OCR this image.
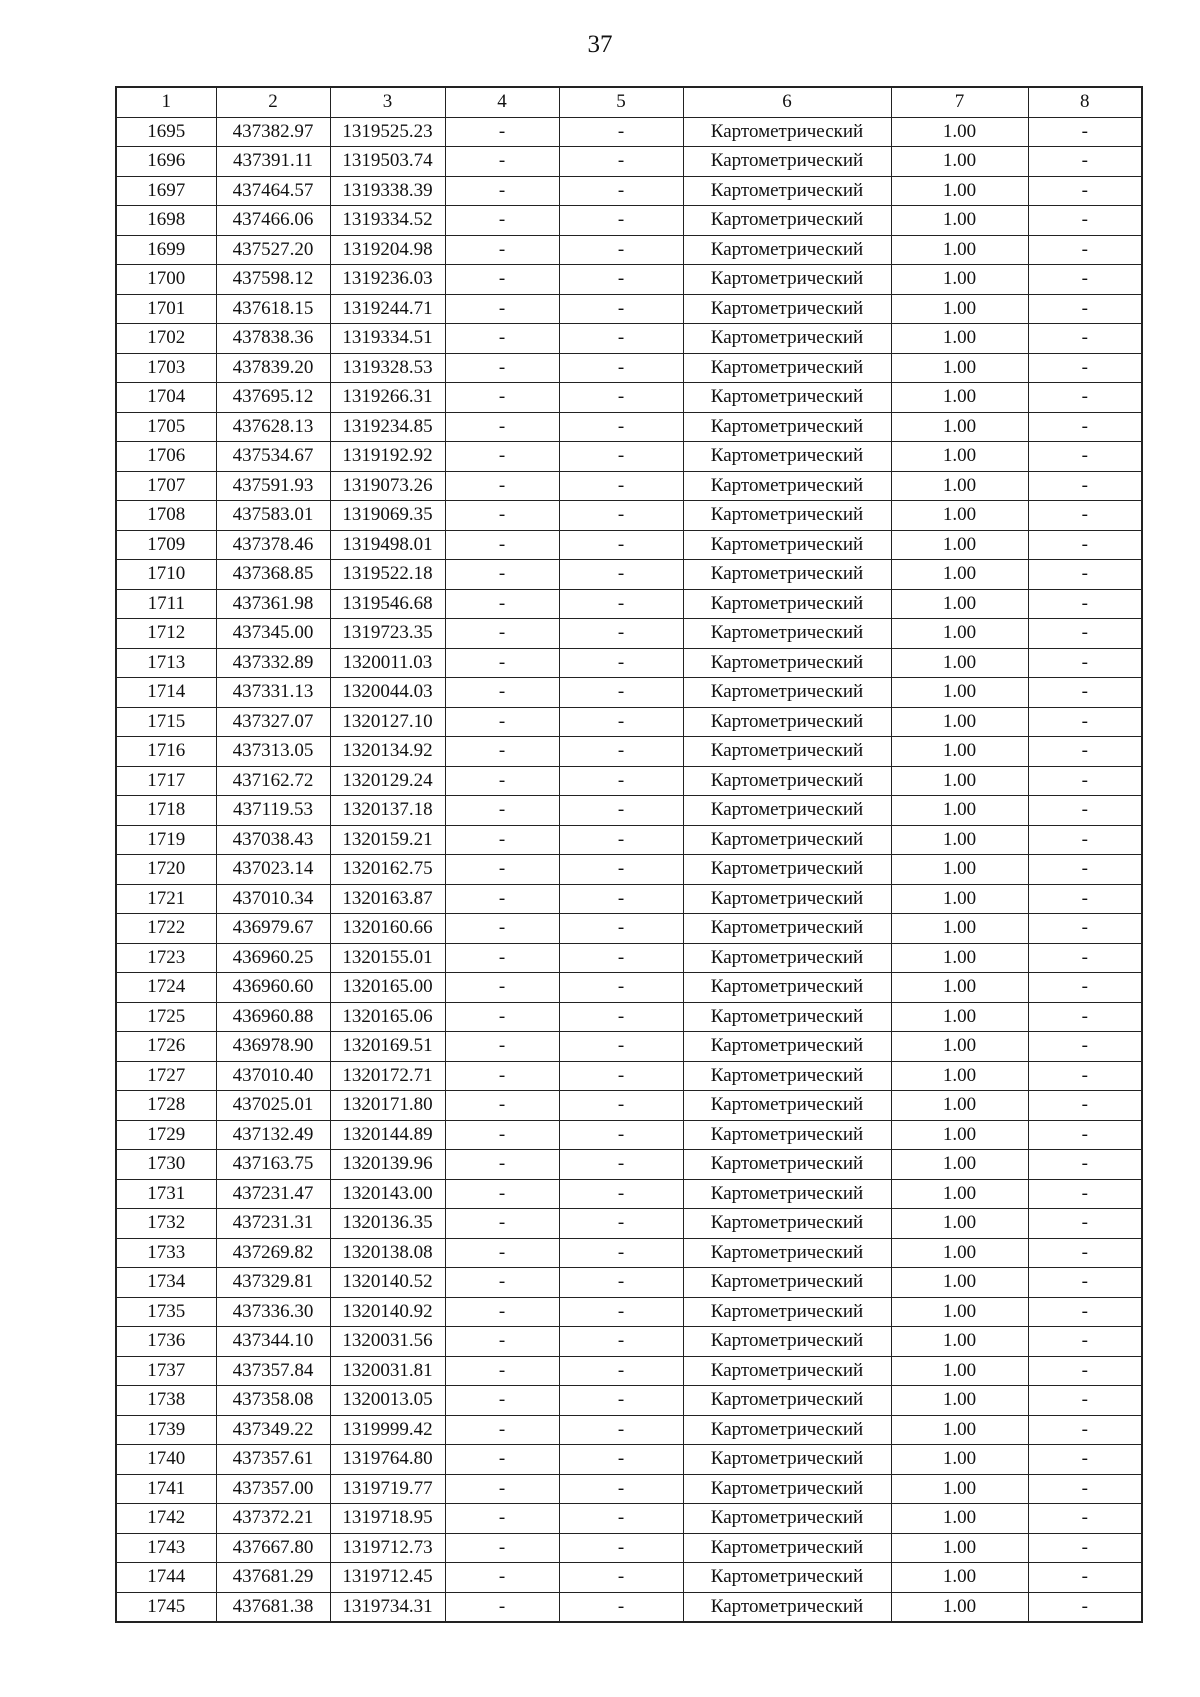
37
1	2	3	4	5	6	7	8
1695	437382.97	1319525.23	-	-	Картометрический	1.00	-
1696	437391.11	1319503.74	-	-	Картометрический	1.00	-
1697	437464.57	1319338.39	-	-	Картометрический	1.00	-
1698	437466.06	1319334.52	-	-	Картометрический	1.00	-
1699	437527.20	1319204.98	-	-	Картометрический	1.00	-
1700	437598.12	1319236.03	-	-	Картометрический	1.00	-
1701	437618.15	1319244.71	-	-	Картометрический	1.00	-
1702	437838.36	1319334.51	-	-	Картометрический	1.00	-
1703	437839.20	1319328.53	-	-	Картометрический	1.00	-
1704	437695.12	1319266.31	-	-	Картометрический	1.00	-
1705	437628.13	1319234.85	-	-	Картометрический	1.00	-
1706	437534.67	1319192.92	-	-	Картометрический	1.00	-
1707	437591.93	1319073.26	-	-	Картометрический	1.00	-
1708	437583.01	1319069.35	-	-	Картометрический	1.00	-
1709	437378.46	1319498.01	-	-	Картометрический	1.00	-
1710	437368.85	1319522.18	-	-	Картометрический	1.00	-
1711	437361.98	1319546.68	-	-	Картометрический	1.00	-
1712	437345.00	1319723.35	-	-	Картометрический	1.00	-
1713	437332.89	1320011.03	-	-	Картометрический	1.00	-
1714	437331.13	1320044.03	-	-	Картометрический	1.00	-
1715	437327.07	1320127.10	-	-	Картометрический	1.00	-
1716	437313.05	1320134.92	-	-	Картометрический	1.00	-
1717	437162.72	1320129.24	-	-	Картометрический	1.00	-
1718	437119.53	1320137.18	-	-	Картометрический	1.00	-
1719	437038.43	1320159.21	-	-	Картометрический	1.00	-
1720	437023.14	1320162.75	-	-	Картометрический	1.00	-
1721	437010.34	1320163.87	-	-	Картометрический	1.00	-
1722	436979.67	1320160.66	-	-	Картометрический	1.00	-
1723	436960.25	1320155.01	-	-	Картометрический	1.00	-
1724	436960.60	1320165.00	-	-	Картометрический	1.00	-
1725	436960.88	1320165.06	-	-	Картометрический	1.00	-
1726	436978.90	1320169.51	-	-	Картометрический	1.00	-
1727	437010.40	1320172.71	-	-	Картометрический	1.00	-
1728	437025.01	1320171.80	-	-	Картометрический	1.00	-
1729	437132.49	1320144.89	-	-	Картометрический	1.00	-
1730	437163.75	1320139.96	-	-	Картометрический	1.00	-
1731	437231.47	1320143.00	-	-	Картометрический	1.00	-
1732	437231.31	1320136.35	-	-	Картометрический	1.00	-
1733	437269.82	1320138.08	-	-	Картометрический	1.00	-
1734	437329.81	1320140.52	-	-	Картометрический	1.00	-
1735	437336.30	1320140.92	-	-	Картометрический	1.00	-
1736	437344.10	1320031.56	-	-	Картометрический	1.00	-
1737	437357.84	1320031.81	-	-	Картометрический	1.00	-
1738	437358.08	1320013.05	-	-	Картометрический	1.00	-
1739	437349.22	1319999.42	-	-	Картометрический	1.00	-
1740	437357.61	1319764.80	-	-	Картометрический	1.00	-
1741	437357.00	1319719.77	-	-	Картометрический	1.00	-
1742	437372.21	1319718.95	-	-	Картометрический	1.00	-
1743	437667.80	1319712.73	-	-	Картометрический	1.00	-
1744	437681.29	1319712.45	-	-	Картометрический	1.00	-
1745	437681.38	1319734.31	-	-	Картометрический	1.00	-
